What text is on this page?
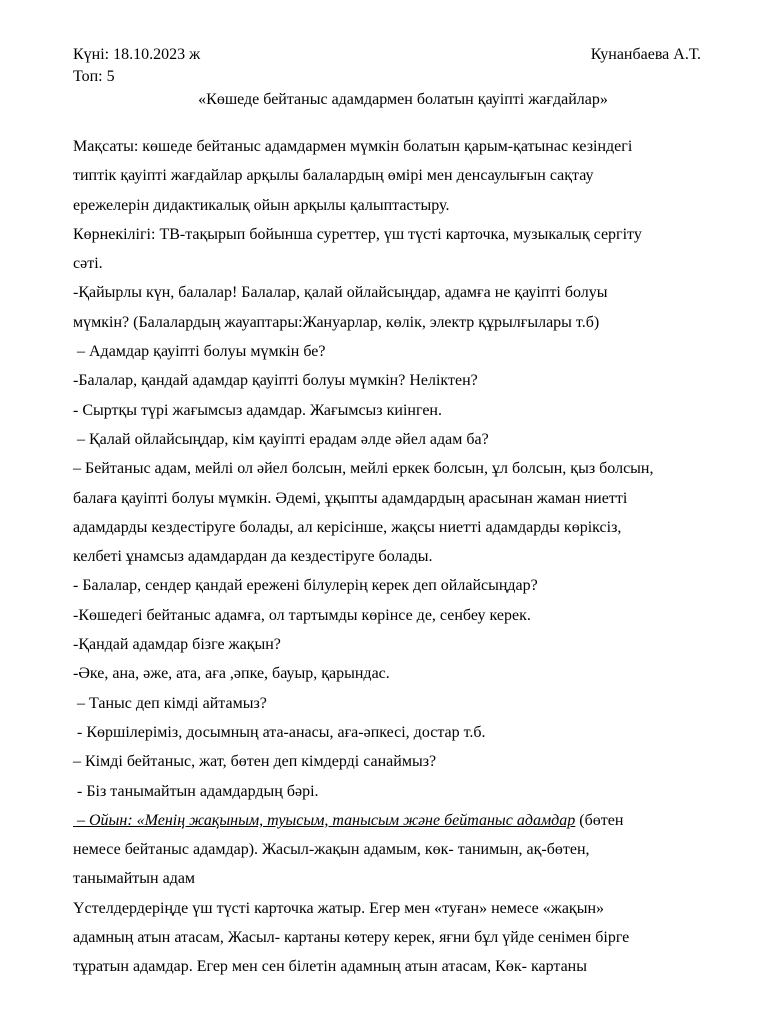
Күні: 18.10.2023 ж	Кунанбаева А.Т.
Топ: 5
«Көшеде бейтаныс адамдармен болатын қауіпті жағдайлар»
Мақсаты: көшеде бейтаныс адамдармен мүмкін болатын қарым-қатынас кезіндегі
типтік қауіпті жағдайлар арқылы балалардың өмірі мен денсаулығын сақтау
ережелерін дидактикалық ойын арқылы қалыптастыру.
Көрнекілігі: ТВ-тақырып бойынша суреттер, үш түсті карточка, музыкалық сергіту
сәті.
-Қайырлы күн, балалар! Балалар, қалай ойлайсыңдар, адамға не қауіпті болуы
мүмкін? (Балалардың жауаптары:Жануарлар, көлік, электр құрылғылары т.б)
– Адамдар қауіпті болуы мүмкін бе?
-Балалар, қандай адамдар қауіпті болуы мүмкін? Неліктен?
- Сыртқы түрі жағымсыз адамдар. Жағымсыз киінген.
– Қалай ойлайсыңдар, кім қауіпті ерадам әлде әйел адам ба?
– Бейтаныс адам, мейлі ол әйел болсын, мейлі еркек болсын, ұл болсын, қыз болсын,
балаға қауіпті болуы мүмкін. Әдемі, ұқыпты адамдардың арасынан жаман ниетті
адамдарды кездестіруге болады, ал керісінше, жақсы ниетті адамдарды көріксіз,
келбеті ұнамсыз адамдардан да кездестіруге болады.
- Балалар, сендер қандай ережені білулерің керек деп ойлайсыңдар?
-Көшедегі бейтаныс адамға, ол тартымды көрінсе де, сенбеу керек.
-Қандай адамдар бізге жақын?
-Әке, ана, әже, ата, аға ,әпке, бауыр, қарындас.
– Таныс деп кімді айтамыз?
- Көршілеріміз, досымның ата-анасы, аға-әпкесі, достар т.б.
– Кімді бейтаныс, жат, бөтен деп кімдерді санаймыз?
- Біз танымайтын адамдардың бәрі.
– Ойын: «Менің жақыным, туысым, танысым және бейтаныс адамдар (бөтен
немесе бейтаныс адамдар). Жасыл-жақын адамым, көк- танимын, ақ-бөтен,
танымайтын адам
Үстелдердеріңде үш түсті карточка жатыр. Егер мен «туған» немесе «жақын»
адамның атын атасам, Жасыл- картаны көтеру керек, яғни бұл үйде сенімен бірге
тұратын адамдар. Егер мен сен білетін адамның атын атасам, Көк- картаны
